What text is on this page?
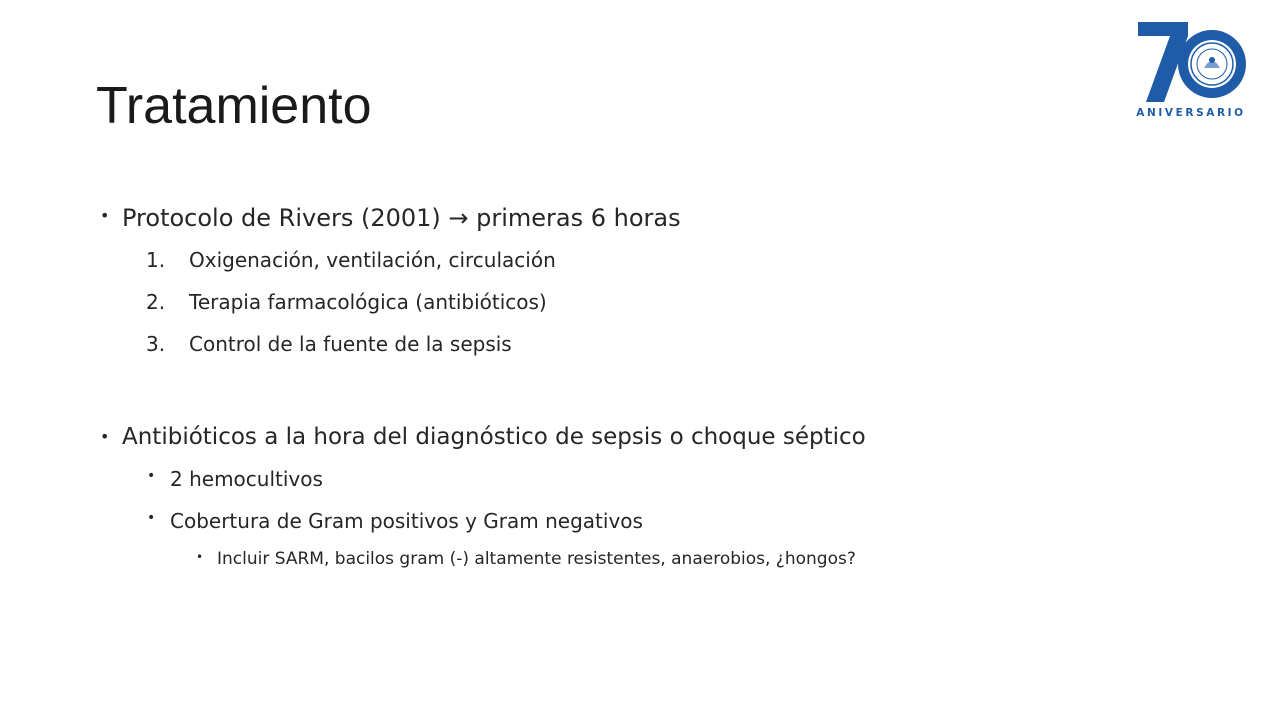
Tratamiento	ANIVERSARIO
• Protocolo de Rivers (2001) → primeras 6 horas
1. Oxigenación, ventilación, circulación
2. Terapia farmacológica (antibióticos)
3. Control de la fuente de la sepsis
• Antibióticos a la hora del diagnóstico de sepsis o choque séptico
• 2 hemocultivos
• Cobertura de Gram positivos y Gram negativos
• Incluir SARM, bacilos gram (-) altamente resistentes, anaerobios, ¿hongos?
